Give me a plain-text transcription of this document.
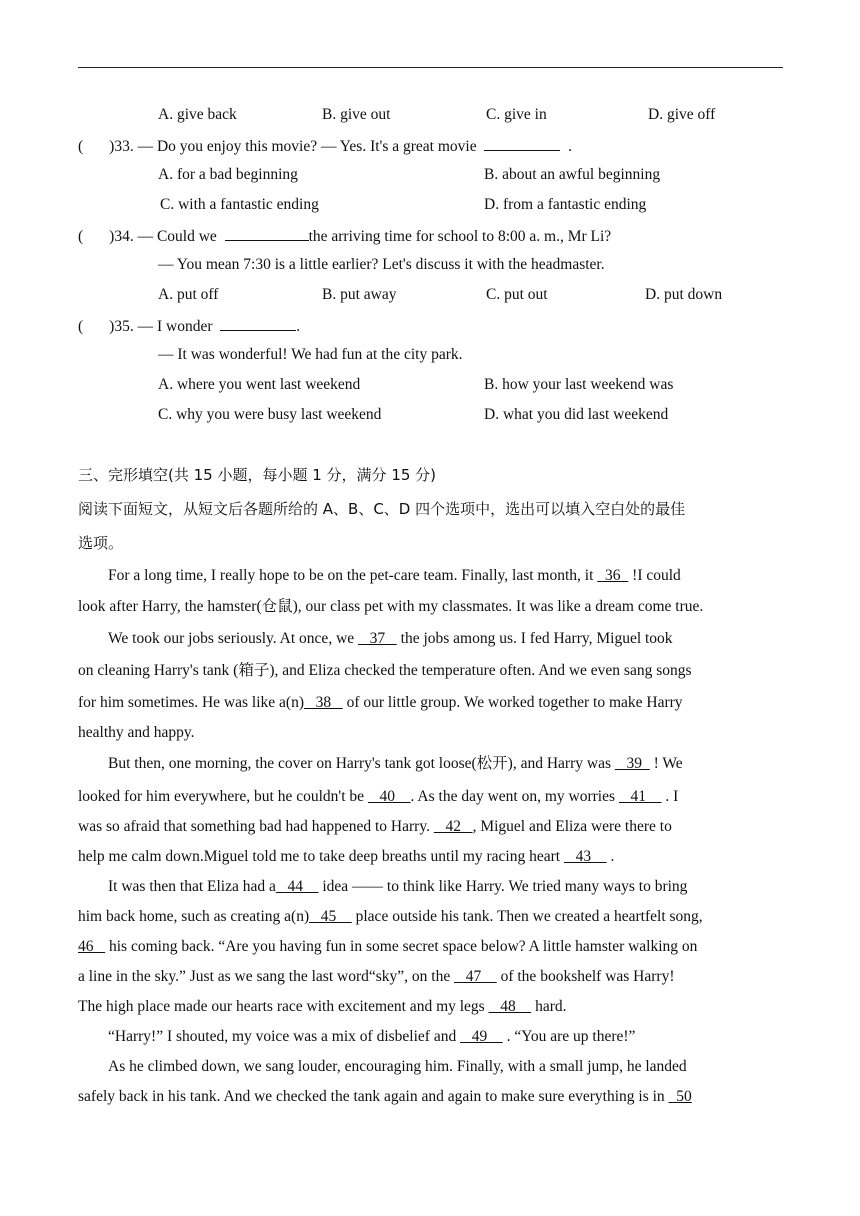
A. give back	B. give out	C. give in	D. give off
( )33. — Do you enjoy this movie? — Yes. It's a great movie	.
A. for a bad beginning	B. about an awful beginning
C. with a fantastic ending	D. from a fantastic ending
( )34. — Could we	the arriving time for school to 8:00 a. m., Mr Li?
— You mean 7:30 is a little earlier? Let's discuss it with the headmaster.
A. put off	B. put away	C. put out	D. put down
( )35. — I wonder	.
— It was wonderful! We had fun at the city park.
A. where you went last weekend	B. how your last weekend was
C. why you were busy last weekend	D. what you did last weekend
三、完形填空(共 15 小题，每小题 1 分，满分 15 分)
阅读下面短文，从短文后各题所给的 A、B、C、D 四个选项中，选出可以填入空白处的最佳
选项。
For a long time, I really hope to be on the pet-care team. Finally, last month, it   36   !I could
look after Harry, the hamster(仓鼠), our class pet with my classmates. It was like a dream come true.
We took our jobs seriously. At once, we    37    the jobs among us. I fed Harry, Miguel took
on cleaning Harry's tank (箱子), and Eliza checked the temperature often. And we even sang songs
for him sometimes. He was like a(n)   38    of our little group. We worked together to make Harry
healthy and happy.
But then, one morning, the cover on Harry's tank got loose(松开), and Harry was    39   ! We
looked for him everywhere, but he couldn't be    40    . As the day went on, my worries    41     . I
was so afraid that something bad had happened to Harry.    42   , Miguel and Eliza were there to
help me calm down.Miguel told me to take deep breaths until my racing heart    43     .
It was then that Eliza had a   44     idea —— to think like Harry. We tried many ways to bring
him back home, such as creating a(n)   45     place outside his tank. Then we created a heartfelt song,
46    his coming back. “Are you having fun in some secret space below? A little hamster walking on
a line in the sky.” Just as we sang the last word“sky”, on the    47     of the bookshelf was Harry!
The high place made our hearts race with excitement and my legs    48     hard.
“Harry!” I shouted, my voice was a mix of disbelief and    49     . “You are up there!”
As he climbed down, we sang louder, encouraging him. Finally, with a small jump, he landed
safely back in his tank. And we checked the tank again and again to make sure everything is in   50
